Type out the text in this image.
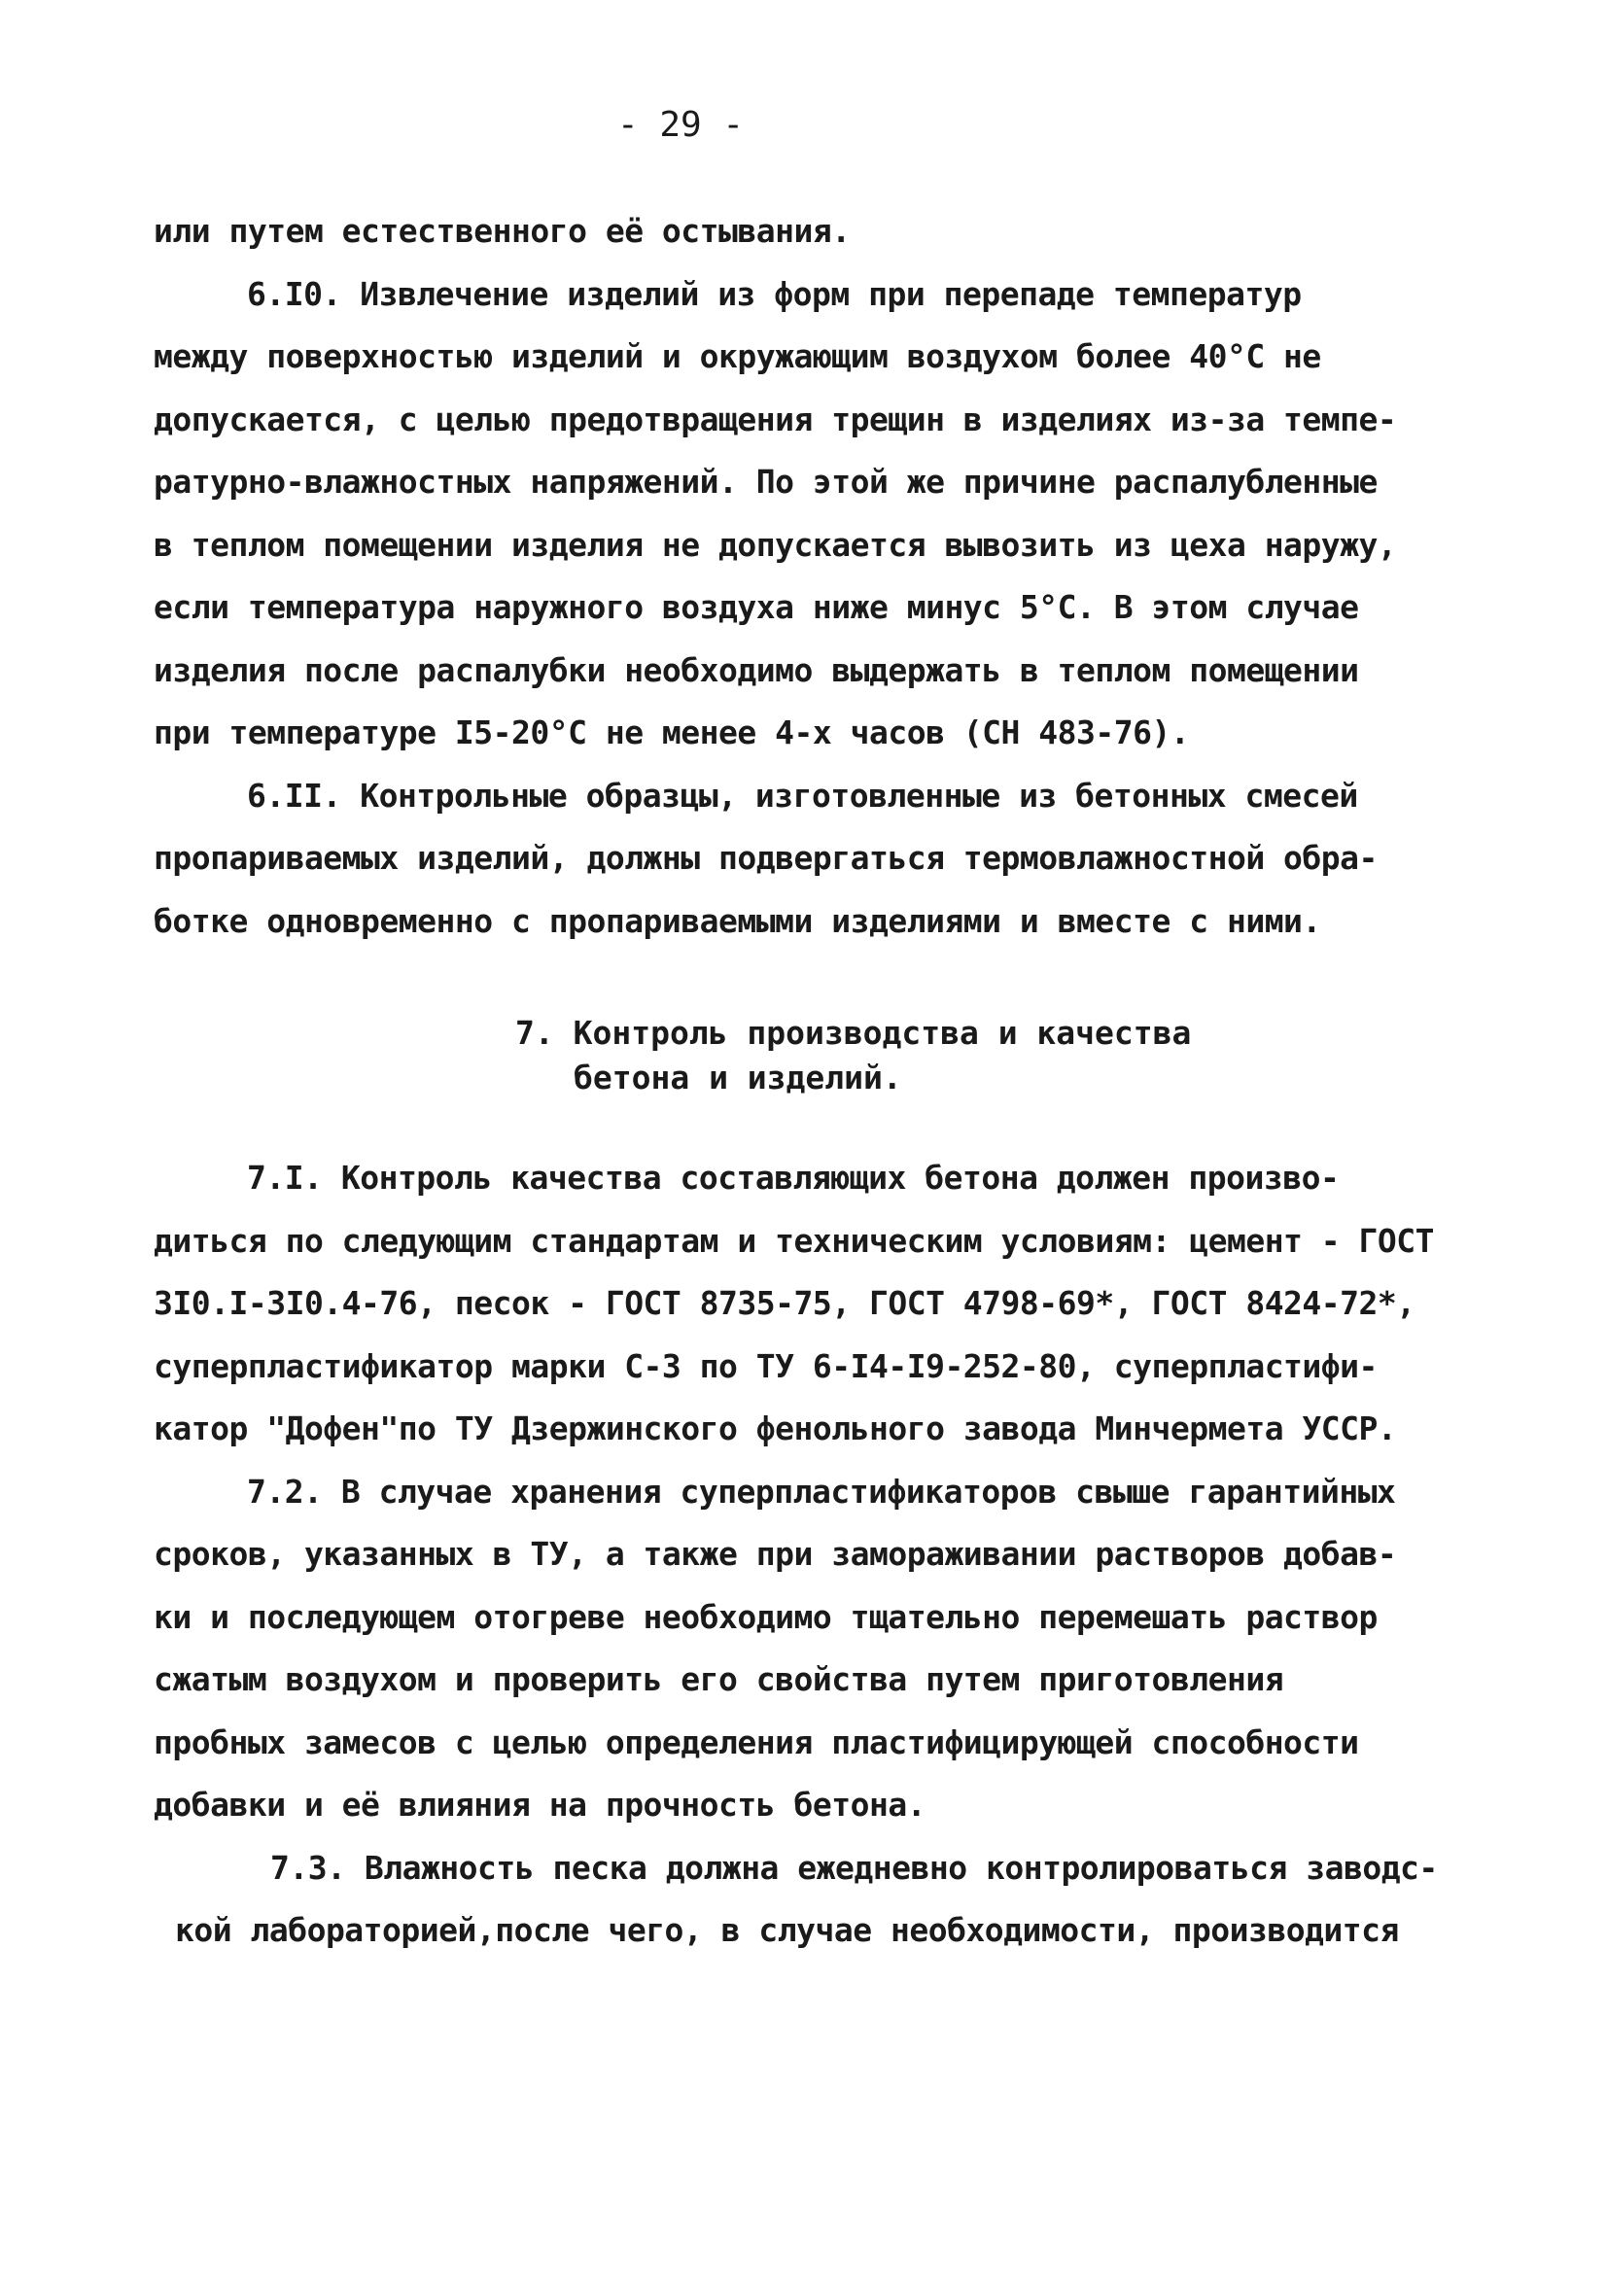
- 29 -
или путем естественного её остывания.
6.I0. Извлечение изделий из форм при перепаде температур
между поверхностью изделий и окружающим воздухом более 40°С не
допускается, с целью предотвращения трещин в изделиях из-за темпе-
ратурно-влажностных напряжений. По этой же причине распалубленные
в теплом помещении изделия не допускается вывозить из цеха наружу,
если температура наружного воздуха ниже минус 5°С. В этом случае
изделия после распалубки необходимо выдержать в теплом помещении
при температуре I5-20°С не менее 4-х часов (СН 483-76).
6.II. Контрольные образцы, изготовленные из бетонных смесей
пропариваемых изделий, должны подвергаться термовлажностной обра-
ботке одновременно с пропариваемыми изделиями и вместе с ними.
7. Контроль производства и качества
бетона и изделий.
7.I. Контроль качества составляющих бетона должен произво-
диться по следующим стандартам и техническим условиям: цемент - ГОСТ
3I0.I-3I0.4-76, песок - ГОСТ 8735-75, ГОСТ 4798-69*, ГОСТ 8424-72*,
суперпластификатор марки С-3 по ТУ 6-I4-I9-252-80, суперпластифи-
катор "Дофен"по ТУ Дзержинского фенольного завода Минчермета УССР.
7.2. В случае хранения суперпластификаторов свыше гарантийных
сроков, указанных в ТУ, а также при замораживании растворов добав-
ки и последующем отогреве необходимо тщательно перемешать раствор
сжатым воздухом и проверить его свойства путем приготовления
пробных замесов с целью определения пластифицирующей способности
добавки и её влияния на прочность бетона.
7.3. Влажность песка должна ежедневно контролироваться заводс-
кой лабораторией,после чего, в случае необходимости, производится
